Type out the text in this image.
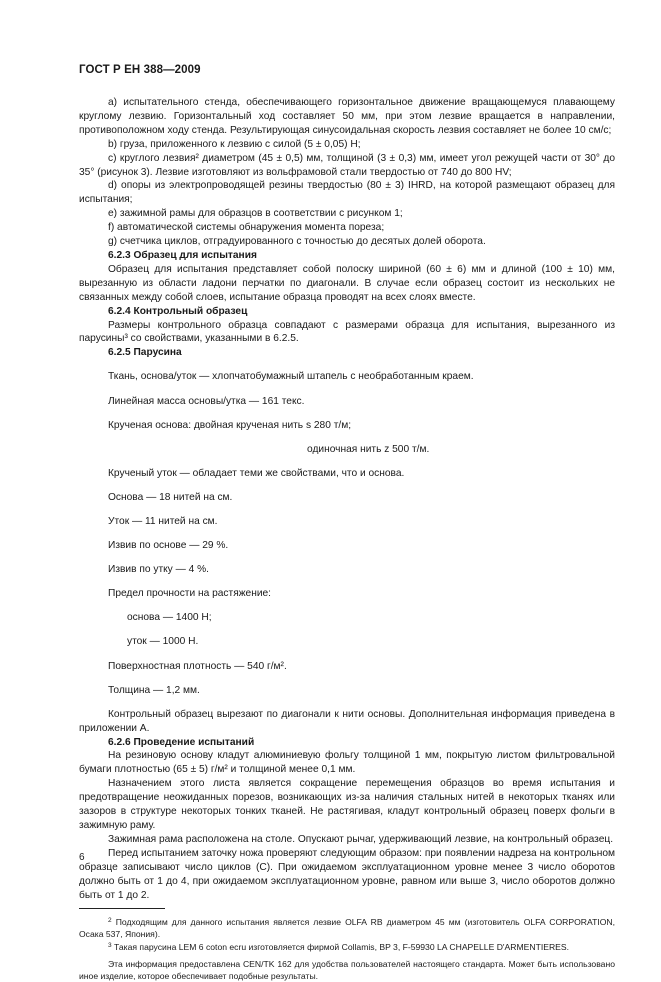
ГОСТ Р ЕН 388—2009

а) испытательного стенда, обеспечивающего горизонтальное движение вращающемуся плавающему круглому лезвию. Горизонтальный ход составляет 50 мм, при этом лезвие вращается в направлении, противоположном ходу стенда. Результирующая синусоидальная скорость лезвия составляет не более 10 см/с;

b) груза, приложенного к лезвию с силой (5 ± 0,05) Н;

с) круглого лезвия² диаметром (45 ± 0,5) мм, толщиной (3 ± 0,3) мм, имеет угол режущей части от 30° до 35° (рисунок 3). Лезвие изготовляют из вольфрамовой стали твердостью от 740 до 800 HV;

d) опоры из электропроводящей резины твердостью (80 ± 3) IHRD, на которой размещают образец для испытания;

е) зажимной рамы для образцов в соответствии с рисунком 1;

f) автоматической системы обнаружения момента пореза;

g) счетчика циклов, отградуированного с точностью до десятых долей оборота.

6.2.3 Образец для испытания

Образец для испытания представляет собой полоску шириной (60 ± 6) мм и длиной (100 ± 10) мм, вырезанную из области ладони перчатки по диагонали. В случае если образец состоит из нескольких не связанных между собой слоев, испытание образца проводят на всех слоях вместе.

6.2.4 Контрольный образец

Размеры контрольного образца совпадают с размерами образца для испытания, вырезанного из парусины³ со свойствами, указанными в 6.2.5.

6.2.5 Парусина

Ткань, основа/уток — хлопчатобумажный штапель с необработанным краем.

Линейная масса основы/утка — 161 текс.

Крученая основа: двойная крученая нить s 280 т/м;

одиночная нить z 500 т/м.

Крученый уток — обладает теми же свойствами, что и основа.

Основа — 18 нитей на см.

Уток — 11 нитей на см.

Извив по основе — 29 %.

Извив по утку — 4 %.

Предел прочности на растяжение:

основа — 1400 Н;

уток — 1000 Н.

Поверхностная плотность — 540 г/м².

Толщина — 1,2 мм.

Контрольный образец вырезают по диагонали к нити основы. Дополнительная информация приведена в приложении А.

6.2.6 Проведение испытаний

На резиновую основу кладут алюминиевую фольгу толщиной 1 мм, покрытую листом фильтровальной бумаги плотностью (65 ± 5) г/м² и толщиной менее 0,1 мм.

Назначением этого листа является сокращение перемещения образцов во время испытания и предотвращение неожиданных порезов, возникающих из-за наличия стальных нитей в некоторых тканях или зазоров в структуре некоторых тонких тканей. Не растягивая, кладут контрольный образец поверх фольги в зажимную раму.

Зажимная рама расположена на столе. Опускают рычаг, удерживающий лезвие, на контрольный образец.

Перед испытанием заточку ножа проверяют следующим образом: при появлении надреза на контрольном образце записывают число циклов (C). При ожидаемом эксплуатационном уровне менее 3 число оборотов должно быть от 1 до 4, при ожидаемом эксплуатационном уровне, равном или выше 3, число оборотов должно быть от 1 до 2.

$^2$ Подходящим для данного испытания является лезвие OLFA RB диаметром 45 мм (изготовитель OLFA CORPORATION, Осака 537, Япония).

$^3$ Такая парусина LEM 6 coton ecru изготовляется фирмой Collamis, BP 3, F-59930 LA CHAPELLE D'ARMENTIERES.

Эта информация предоставлена CEN/TK 162 для удобства пользователей настоящего стандарта. Может быть использовано иное изделие, которое обеспечивает подобные результаты.

6
